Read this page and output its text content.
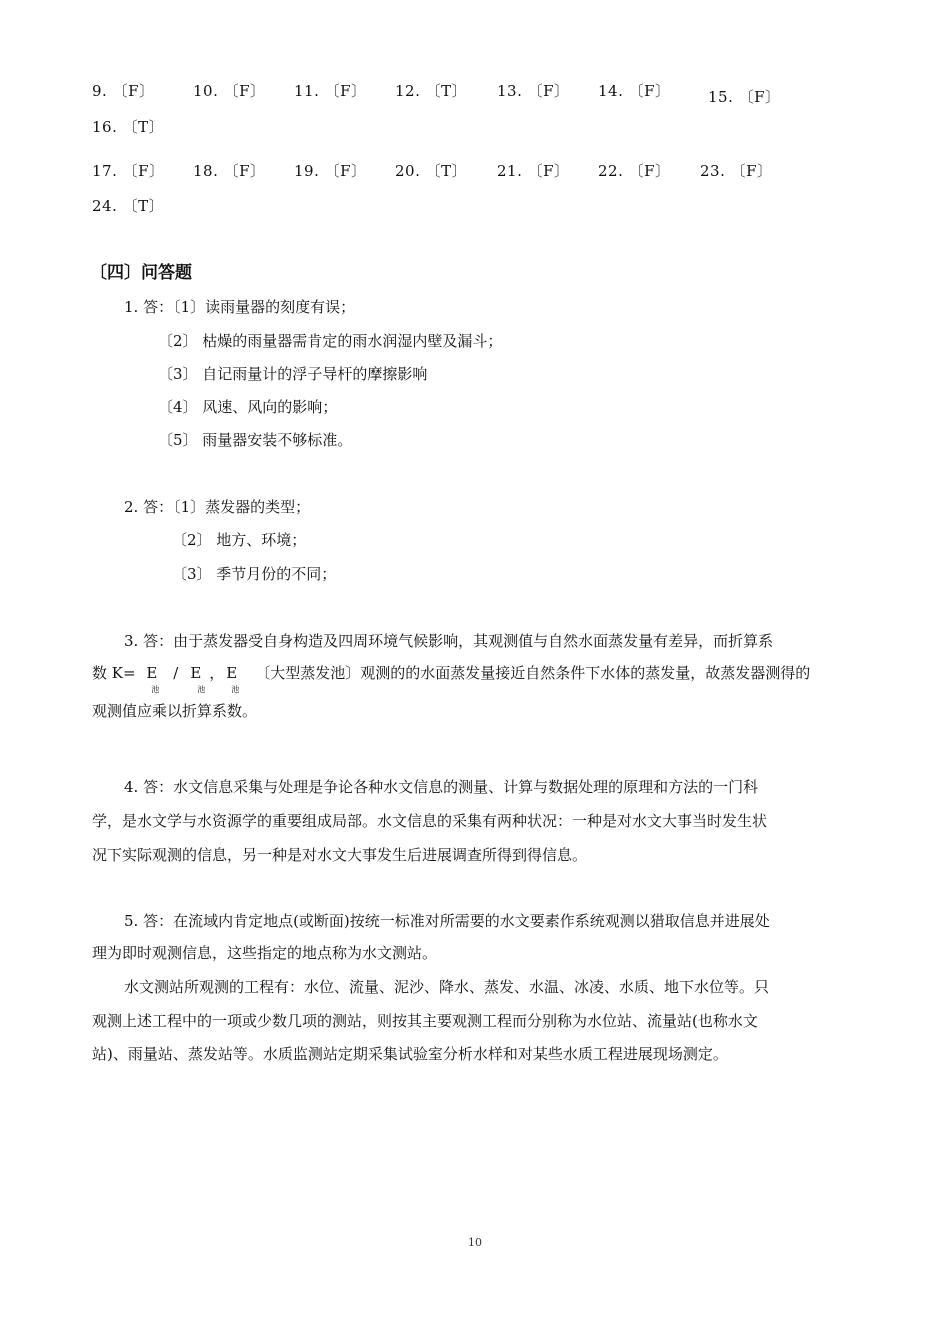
9. 〔F〕	10. 〔F〕 11. 〔F〕 12. 〔T〕 13. 〔F〕 14. 〔F〕 15. 〔F〕
16. 〔T〕
17. 〔F〕 18. 〔F〕 19. 〔F〕 20. 〔T〕 21. 〔F〕 22. 〔F〕 23. 〔F〕
24. 〔T〕
〔四〕问答题
1. 答：〔1〕读雨量器的刻度有误；
〔2〕 枯燥的雨量器需肯定的雨水润湿内壁及漏斗；
〔3〕 自记雨量计的浮子导杆的摩擦影响
〔4〕 风速、风向的影响；
〔5〕 雨量器安装不够标准。
2. 答：〔1〕蒸发器的类型；
〔2〕 地方、环境；
〔3〕 季节月份的不同；
3. 答：由于蒸发器受自身构造及四周环境气候影响，其观测值与自然水面蒸发量有差异，而折算系
数 $K= E_池/$ $E_池$， $E_池$〔大型蒸发池〕观测的的水面蒸发量接近自然条件下水体的蒸发量，故蒸发器测得的
观测值应乘以折算系数。
4. 答：水文信息采集与处理是争论各种水文信息的测量、计算与数据处理的原理和方法的一门科
学，是水文学与水资源学的重要组成局部。水文信息的采集有两种状况：一种是对水文大事当时发生状
况下实际观测的信息，另一种是对水文大事发生后进展调查所得到得信息。
5. 答：在流域内肯定地点(或断面)按统一标准对所需要的水文要素作系统观测以猎取信息并进展处
理为即时观测信息，这些指定的地点称为水文测站。
水文测站所观测的工程有：水位、流量、泥沙、降水、蒸发、水温、冰凌、水质、地下水位等。只
观测上述工程中的一项或少数几项的测站，则按其主要观测工程而分别称为水位站、流量站(也称水文
站)、雨量站、蒸发站等。水质监测站定期采集试验室分析水样和对某些水质工程进展现场测定。
10
